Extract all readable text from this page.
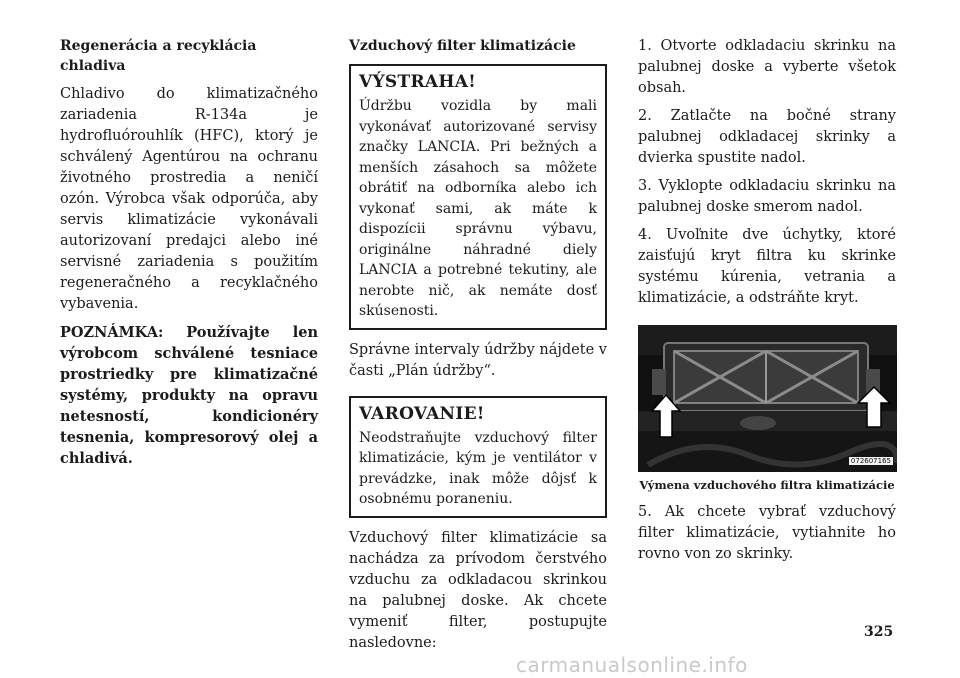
Regenerácia a recyklácia chladiva

Chladivo do klimatizačného zariadenia R-134a je hydrofluórouhlík (HFC), ktorý je schválený Agentúrou na ochranu životného prostredia a neničí ozón. Výrobca však odporúča, aby servis klimatizácie vykonávali autorizovaní predajci alebo iné servisné zariadenia s použitím regeneračného a recyklačného vybavenia.

POZNÁMKA: Používajte len výrobcom schválené tesniace prostriedky pre klimatizačné systémy, produkty na opravu netesností, kondicionéry tesnenia, kompresorový olej a chladivá.

Vzduchový filter klimatizácie
VÝSTRAHA!

Údržbu vozidla by mali vykonávať autorizované servisy značky LANCIA. Pri bežných a menších zásahoch sa môžete obrátiť na odborníka alebo ich vykonať sami, ak máte k dispozícii správnu výbavu, originálne náhradné diely LANCIA a potrebné tekutiny, ale nerobte nič, ak nemáte dosť skúsenosti.

Správne intervaly údržby nájdete v časti „Plán údržby“.

VAROVANIE!

Neodstraňujte vzduchový filter klimatizácie, kým je ventilátor v prevádzke, inak môže dôjsť k osobnému poraneniu.

Vzduchový filter klimatizácie sa nachádza za prívodom čerstvého vzduchu za odkladacou skrinkou na palubnej doske. Ak chcete vymeniť filter, postupujte nasledovne:

1. Otvorte odkladaciu skrinku na palubnej doske a vyberte všetok obsah.

2. Zatlačte na bočné strany palubnej odkladacej skrinky a dvierka spustite nadol.

3. Vyklopte odkladaciu skrinku na palubnej doske smerom nadol.

4. Uvoľnite dve úchytky, ktoré zaisťujú kryt filtra ku skrinke systému kúrenia, vetrania a klimatizácie, a odstráňte kryt.

072607165
Výmena vzduchového filtra klimatizácie

5. Ak chcete vybrať vzduchový filter klimatizácie, vytiahnite ho rovno von zo skrinky.

325
carmanualsonline.info
